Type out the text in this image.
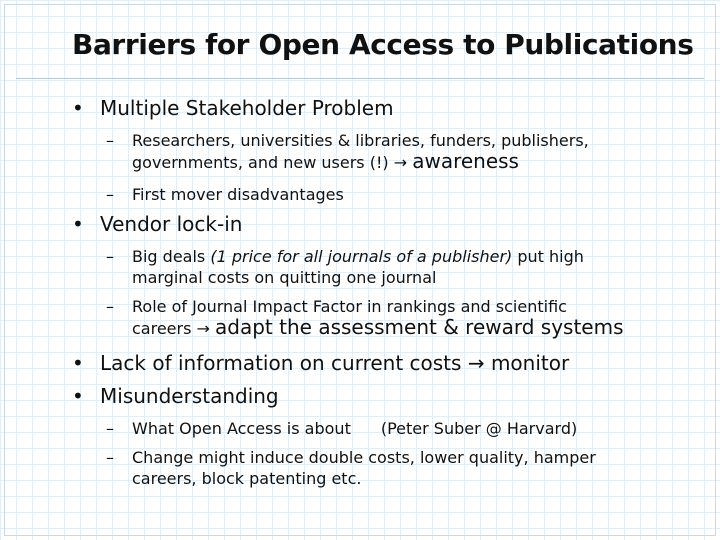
Barriers for Open Access to Publications
• Multiple Stakeholder Problem
– Researchers, universities & libraries, funders, publishers,
governments, and new users (!) → awareness
– First mover disadvantages
• Vendor lock-in
– Big deals (1 price for all journals of a publisher) put high
marginal costs on quitting one journal
– Role of Journal Impact Factor in rankings and scientific
careers → adapt the assessment & reward systems
• Lack of information on current costs → monitor
• Misunderstanding
– What Open Access is about (Peter Suber @ Harvard)
– Change might induce double costs, lower quality, hamper
careers, block patenting etc.
